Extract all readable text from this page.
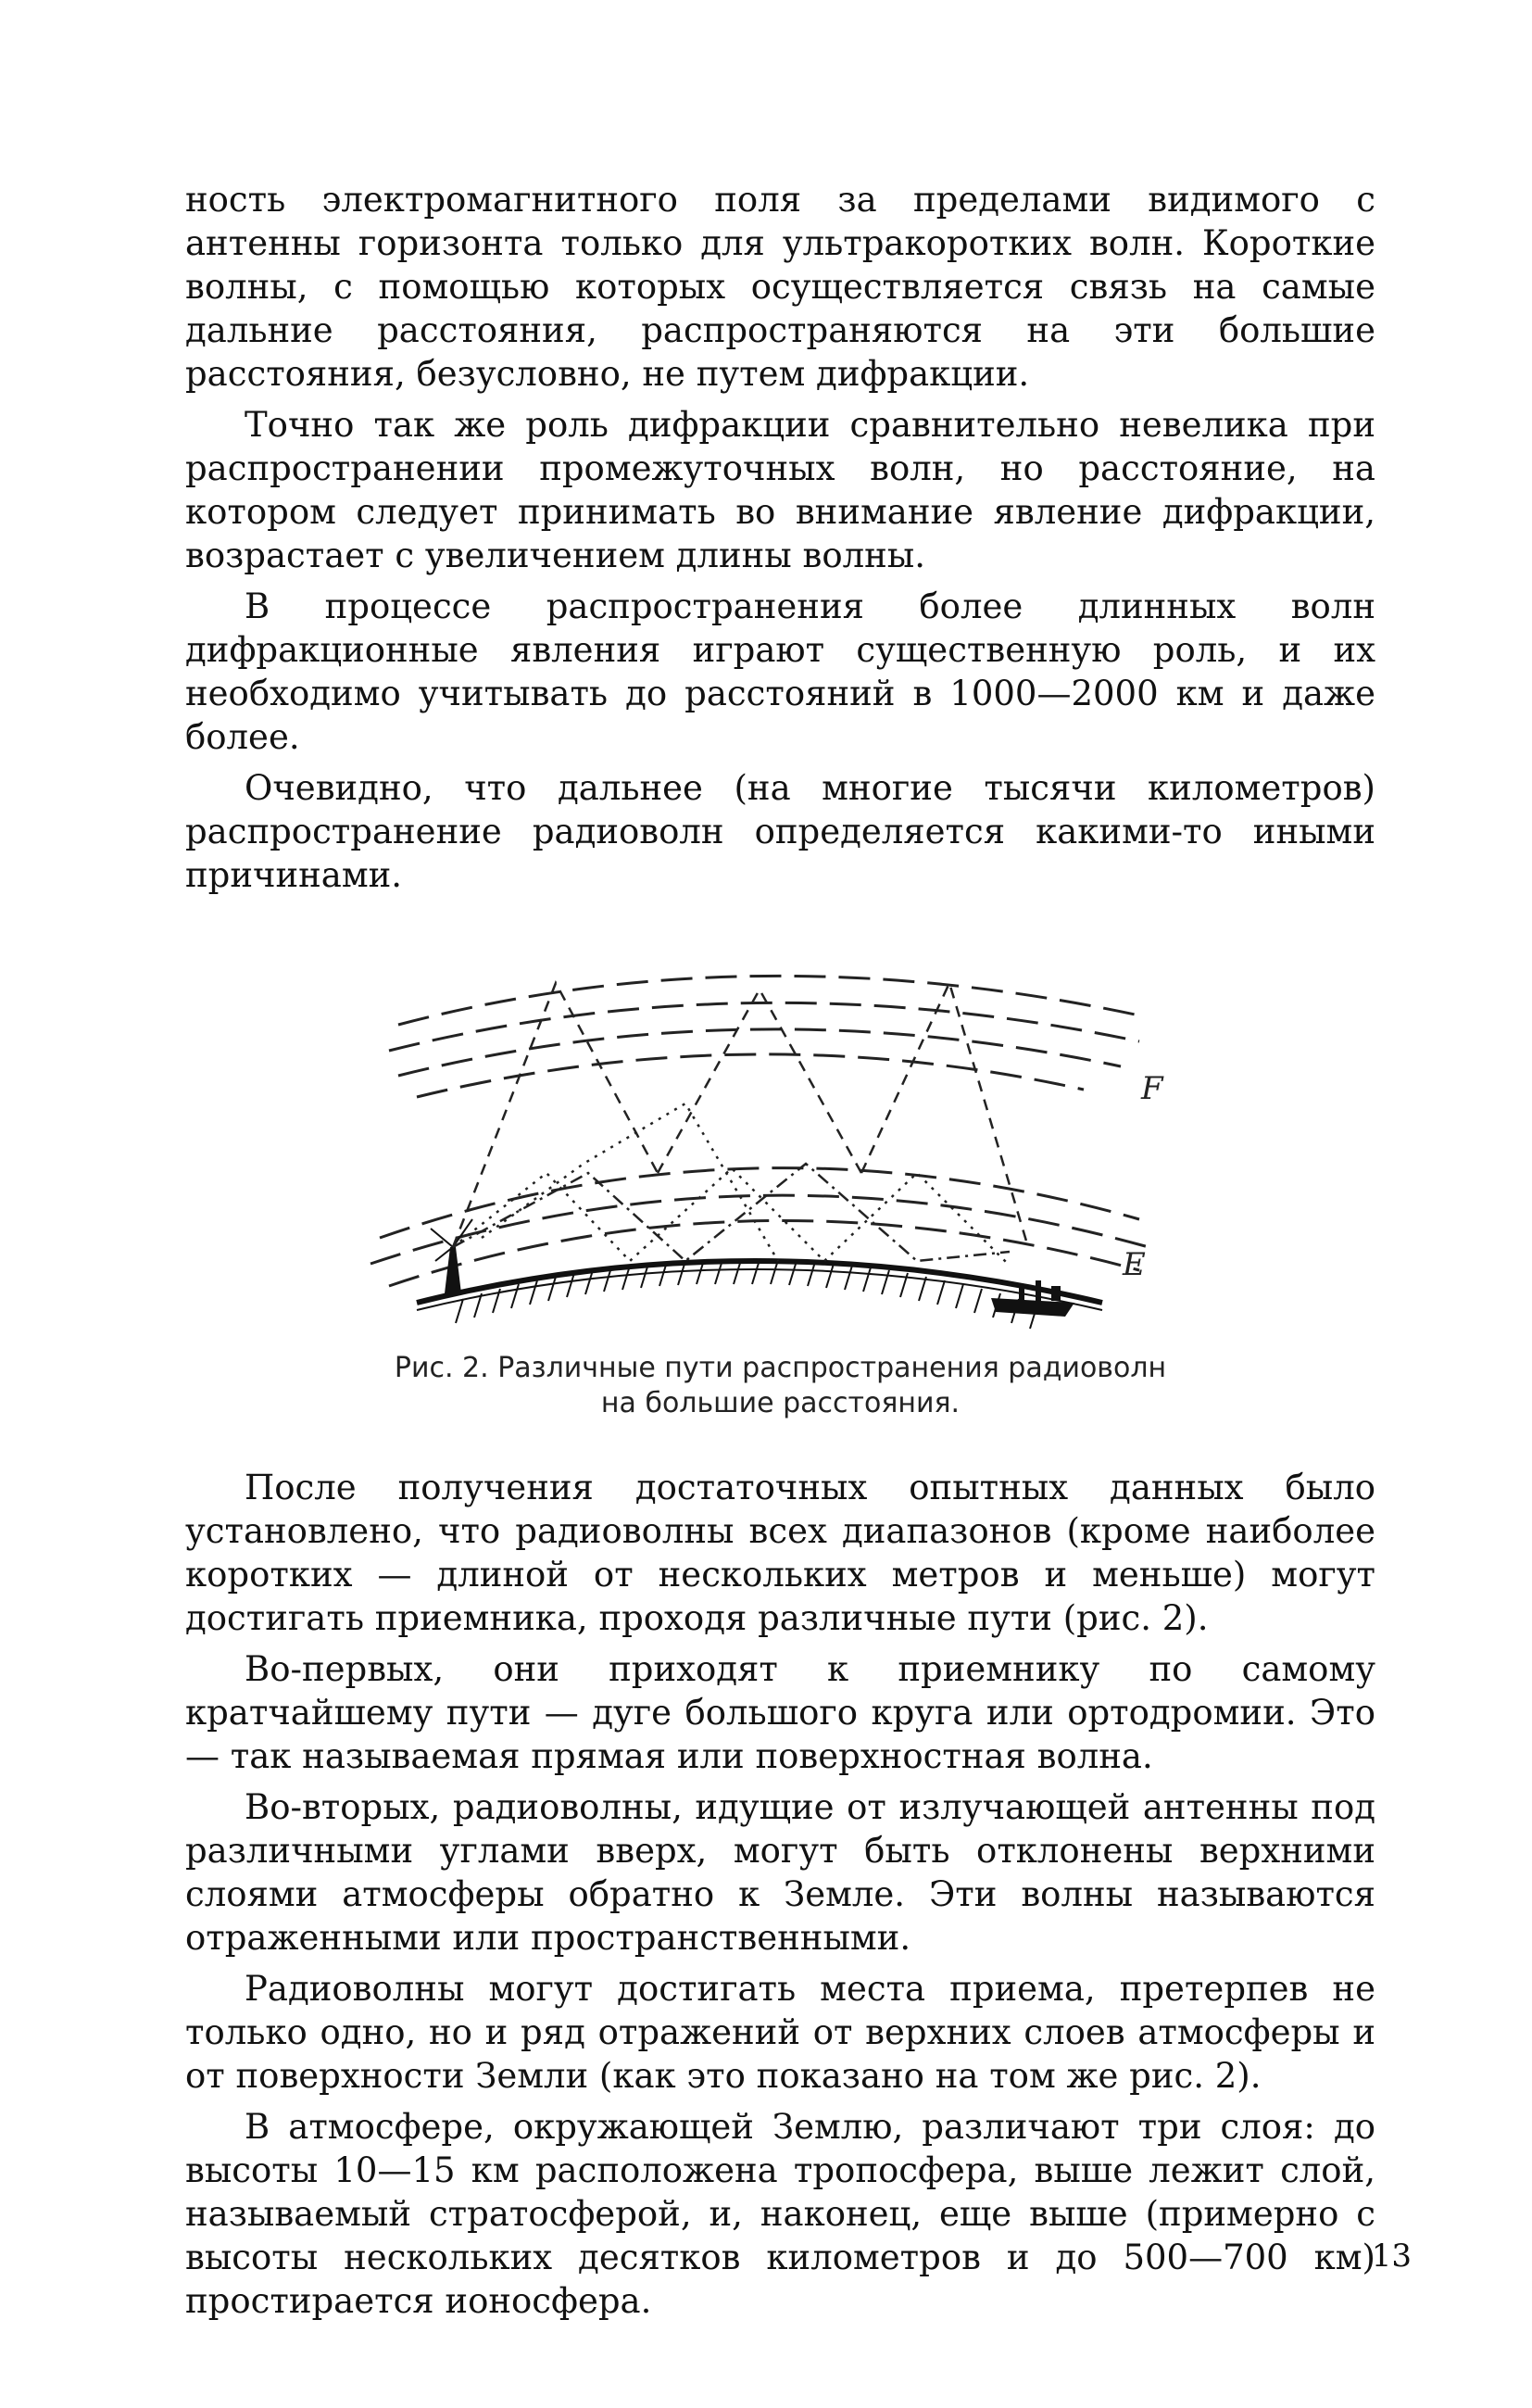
ность электромагнитного поля за пределами видимого с антенны горизонта только для ультракоротких волн. Короткие волны, с помощью которых осуществляется связь на самые дальние расстояния, распространяются на эти большие расстояния, безусловно, не путем дифракции.

Точно так же роль дифракции сравнительно невелика при распространении промежуточных волн, но расстояние, на котором следует принимать во внимание явление дифракции, возрастает с увеличением длины волны.

В процессе распространения более длинных волн дифракционные явления играют существенную роль, и их необходимо учитывать до расстояний в 1000—2000 км и даже более.

Очевидно, что дальнее (на многие тысячи километров) распространение радиоволн определяется какими-то иными причинами.

F
E
Рис. 2. Различные пути распространения радиоволн
на большие расстояния.

После получения достаточных опытных данных было установлено, что радиоволны всех диапазонов (кроме наиболее коротких — длиной от нескольких метров и меньше) могут достигать приемника, проходя различные пути (рис. 2).

Во-первых, они приходят к приемнику по самому кратчайшему пути — дуге большого круга или ортодромии. Это — так называемая прямая или поверхностная волна.

Во-вторых, радиоволны, идущие от излучающей антенны под различными углами вверх, могут быть отклонены верхними слоями атмосферы обратно к Земле. Эти волны называются отраженными или пространственными.

Радиоволны могут достигать места приема, претерпев не только одно, но и ряд отражений от верхних слоев атмосферы и от поверхности Земли (как это показано на том же рис. 2).

В атмосфере, окружающей Землю, различают три слоя: до высоты 10—15 км расположена тропосфера, выше лежит слой, называемый стратосферой, и, наконец, еще выше (примерно с высоты нескольких десятков километров и до 500—700 км) простирается ионосфера.

13
